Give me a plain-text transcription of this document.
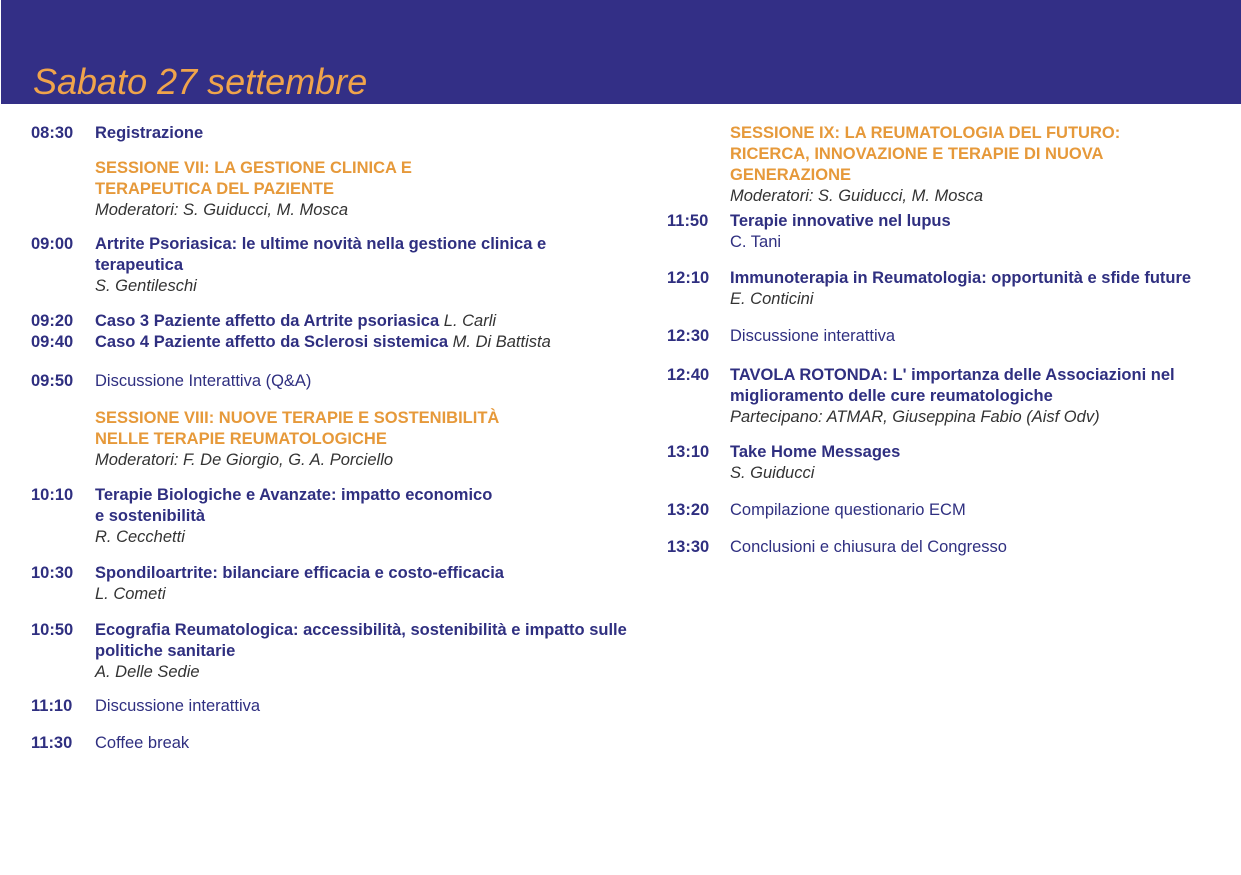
Sabato 27 settembre
08:30 Registrazione
SESSIONE VII: LA GESTIONE CLINICA E
TERAPEUTICA DEL PAZIENTE
Moderatori: S. Guiducci, M. Mosca
09:00 Artrite Psoriasica: le ultime novità nella gestione clinica e
terapeutica
S. Gentileschi
09:20 Caso 3 Paziente affetto da Artrite psoriasica L. Carli
09:40 Caso 4 Paziente affetto da Sclerosi sistemica M. Di Battista
09:50 Discussione Interattiva (Q&A)
SESSIONE VIII: NUOVE TERAPIE E SOSTENIBILITÀ
NELLE TERAPIE REUMATOLOGICHE
Moderatori: F. De Giorgio, G. A. Porciello
10:10 Terapie Biologiche e Avanzate: impatto economico
e sostenibilità
R. Cecchetti
10:30 Spondiloartrite: bilanciare efficacia e costo-efficacia
L. Cometi
10:50 Ecografia Reumatologica: accessibilità, sostenibilità e impatto sulle
politiche sanitarie
A. Delle Sedie
11:10 Discussione interattiva
11:30 Coffee break
SESSIONE IX: LA REUMATOLOGIA DEL FUTURO:
RICERCA, INNOVAZIONE E TERAPIE DI NUOVA
GENERAZIONE
Moderatori: S. Guiducci, M. Mosca
11:50 Terapie innovative nel lupus
C. Tani
12:10 Immunoterapia in Reumatologia: opportunità e sfide future
E. Conticini
12:30 Discussione interattiva
12:40 TAVOLA ROTONDA: L' importanza delle Associazioni nel
miglioramento delle cure reumatologiche
Partecipano: ATMAR, Giuseppina Fabio (Aisf Odv)
13:10 Take Home Messages
S. Guiducci
13:20 Compilazione questionario ECM
13:30 Conclusioni e chiusura del Congresso
